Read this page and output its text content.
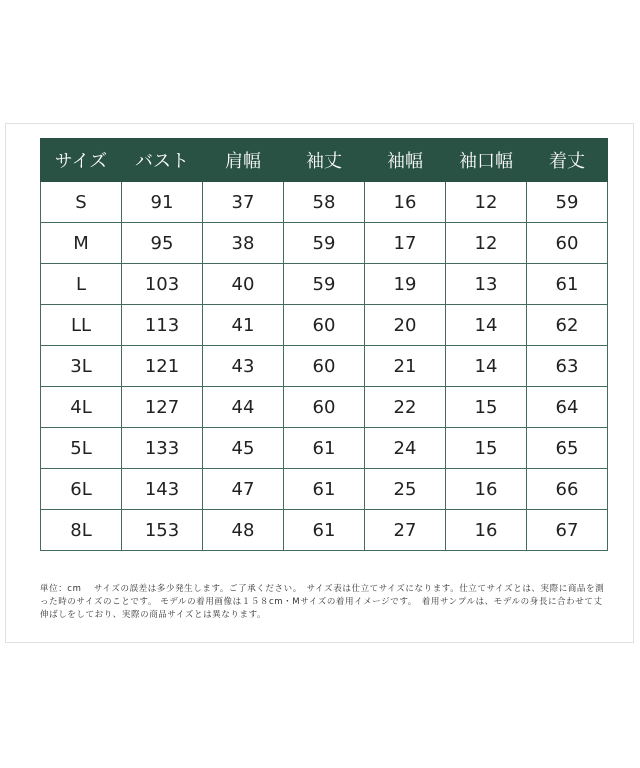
サイズ	バスト	肩幅	袖丈	袖幅	袖口幅	着丈
S	91	37	58	16	12	59
M	95	38	59	17	12	60
L	103	40	59	19	13	61
LL	113	41	60	20	14	62
3L	121	43	60	21	14	63
4L	127	44	60	22	15	64
5L	133	45	61	24	15	65
6L	143	47	61	25	16	66
8L	153	48	61	27	16	67
単位：cm　 サイズの誤差は多少発生します。ご了承ください。　サイズ表は仕立てサイズになります。仕立てサイズとは、実際に商品を測った時のサイズのことです。 モデルの着用画像は１５８cm・Mサイズの着用イメージです。　着用サンプルは、モデルの身長に合わせて丈伸ばしをしており、実際の商品サイズとは異なります。
